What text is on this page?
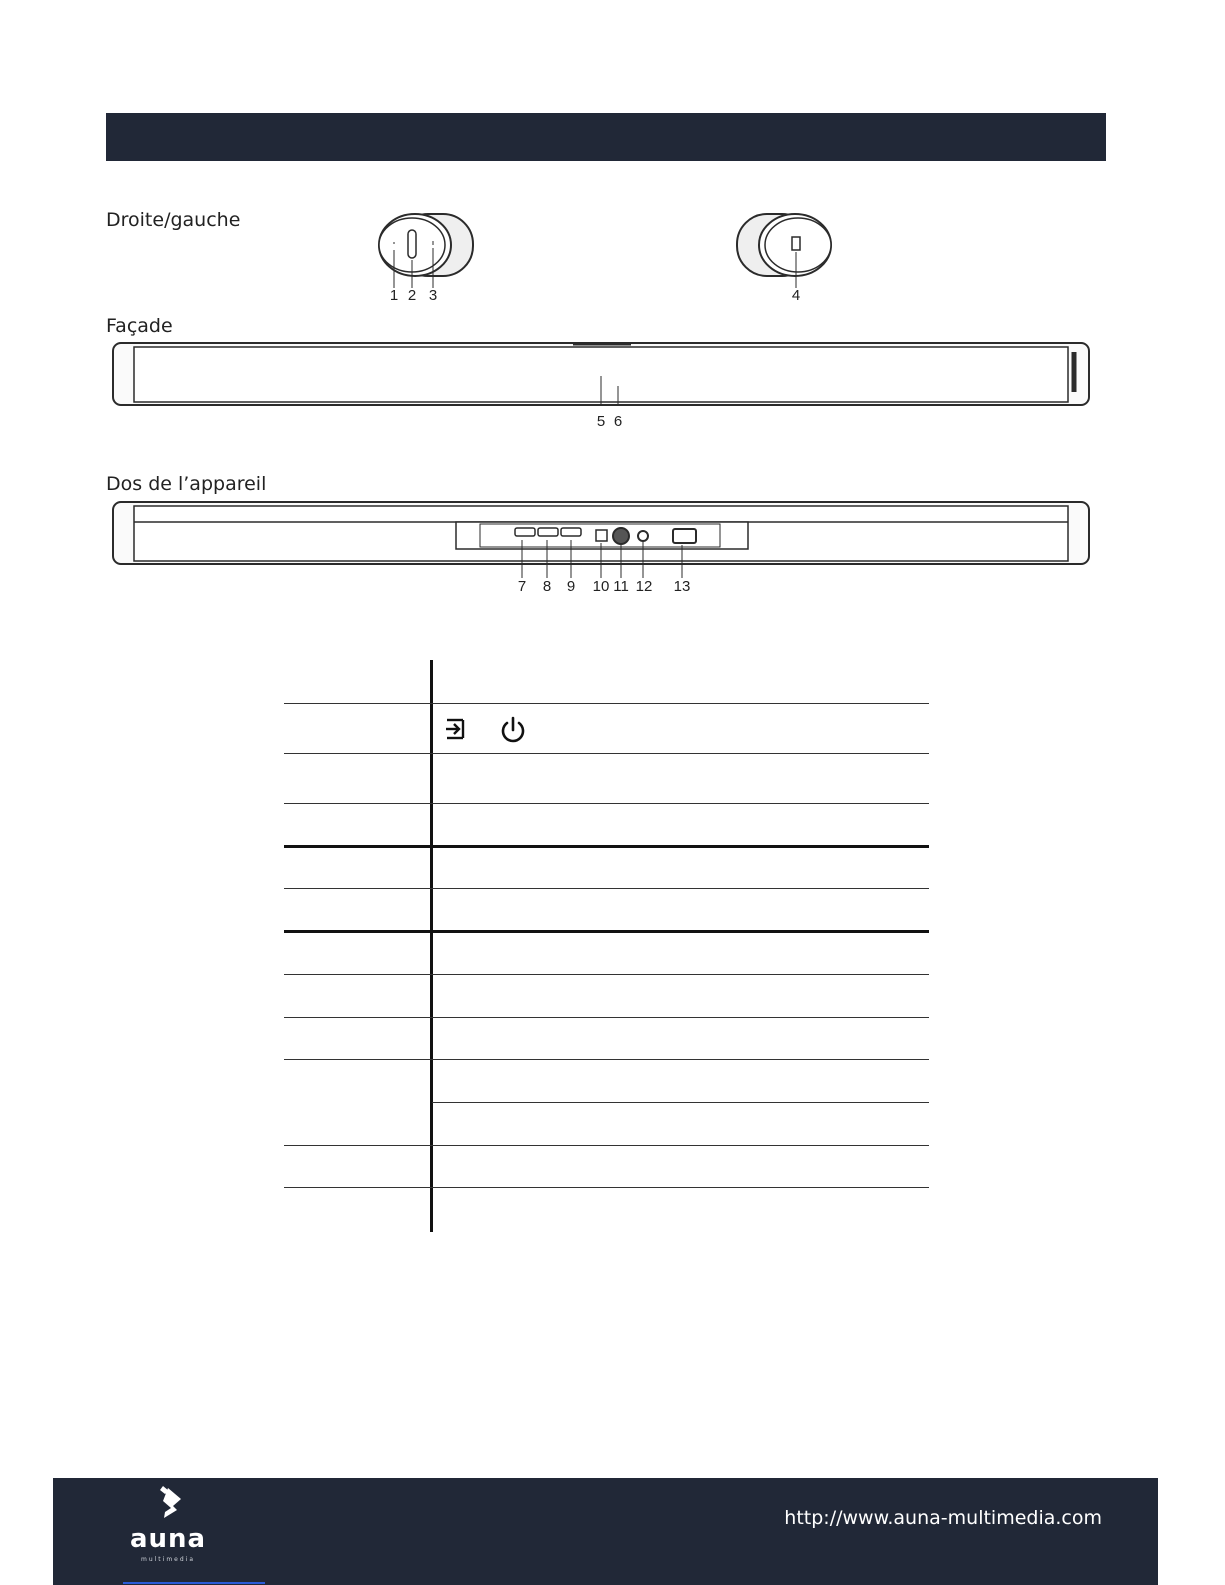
Droite/gauche
Façade
Dos de l’appareil
1 2 3	4
5 6
7 8 9 10 11 12 13
auna
multimedia
http://www.auna-multimedia.com
